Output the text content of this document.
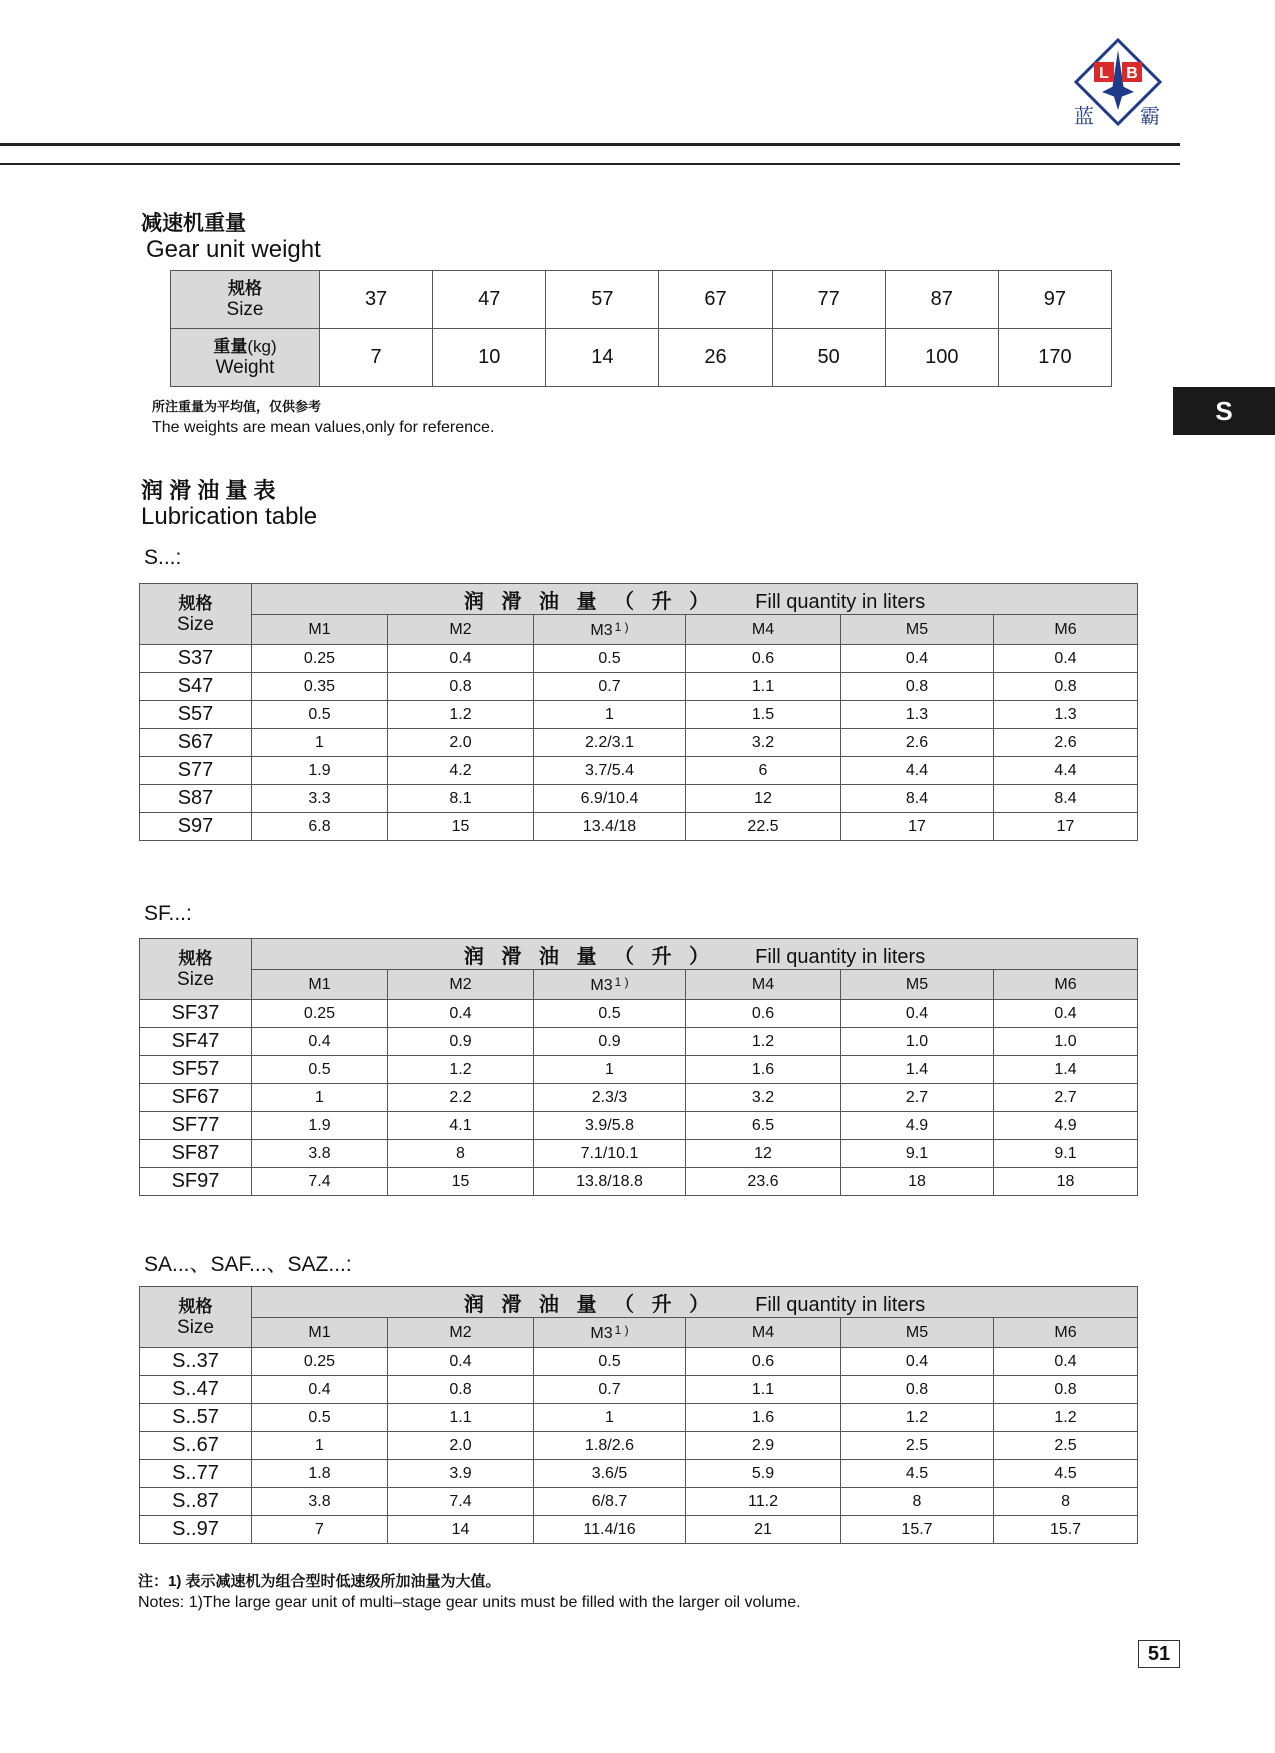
L B
蓝 霸
S
减速机重量
Gear unit weight
规格
Size	37	47	57	67	77	87	97

重量(kg)
Weight	7	10	14	26	50	100	170
所注重量为平均值，仅供参考
The weights are mean values,only for reference.
润 滑 油 量 表
Lubrication table
S...:
规格
Size	润 滑 油 量 （ 升 ） Fill quantity in liters					
	M1	M2	M3 $^{1 )}$	M4	M5	M6
S37	0.25	0.4	0.5	0.6	0.4	0.4
S47	0.35	0.8	0.7	1.1	0.8	0.8
S57	0.5	1.2	1	1.5	1.3	1.3
S67	1	2.0	2.2/3.1	3.2	2.6	2.6
S77	1.9	4.2	3.7/5.4	6	4.4	4.4
S87	3.3	8.1	6.9/10.4	12	8.4	8.4
S97	6.8	15	13.4/18	22.5	17	17
SF...:
规格
Size	润 滑 油 量 （ 升 ） Fill quantity in liters					
	M1	M2	M3 $^{1 )}$	M4	M5	M6
SF37	0.25	0.4	0.5	0.6	0.4	0.4
SF47	0.4	0.9	0.9	1.2	1.0	1.0
SF57	0.5	1.2	1	1.6	1.4	1.4
SF67	1	2.2	2.3/3	3.2	2.7	2.7
SF77	1.9	4.1	3.9/5.8	6.5	4.9	4.9
SF87	3.8	8	7.1/10.1	12	9.1	9.1
SF97	7.4	15	13.8/18.8	23.6	18	18
SA...、SAF...、SAZ...:
规格
Size	润 滑 油 量 （ 升 ） Fill quantity in liters					
	M1	M2	M3 $^{1 )}$	M4	M5	M6
S..37	0.25	0.4	0.5	0.6	0.4	0.4
S..47	0.4	0.8	0.7	1.1	0.8	0.8
S..57	0.5	1.1	1	1.6	1.2	1.2
S..67	1	2.0	1.8/2.6	2.9	2.5	2.5
S..77	1.8	3.9	3.6/5	5.9	4.5	4.5
S..87	3.8	7.4	6/8.7	11.2	8	8
S..97	7	14	11.4/16	21	15.7	15.7
注：1) 表示减速机为组合型时低速级所加油量为大值。
Notes: 1)The large gear unit of multi–stage gear units must be filled with the larger oil volume.
51
